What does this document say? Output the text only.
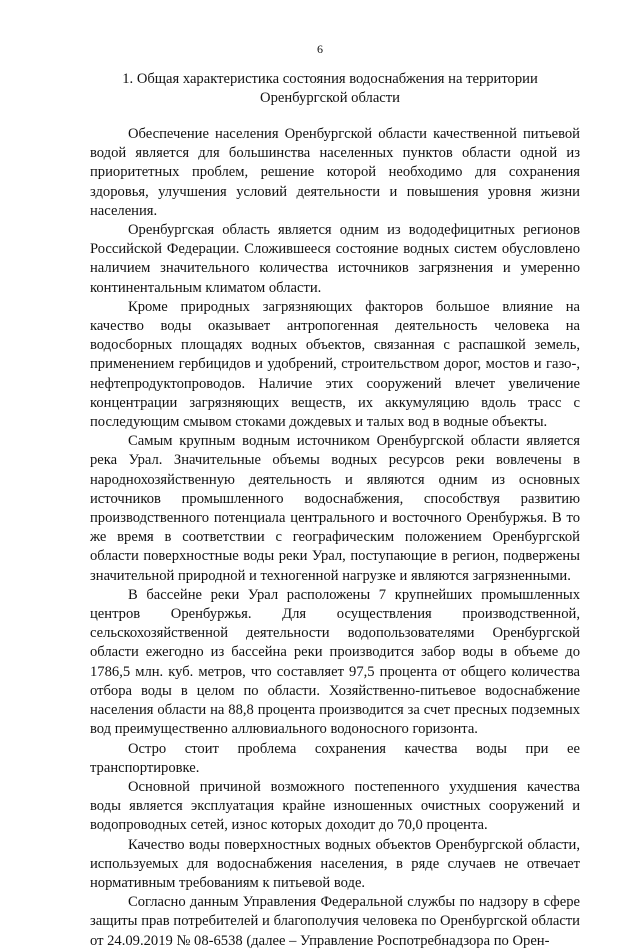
6
1. Общая характеристика состояния водоснабжения на территории
Оренбургской области

Обеспечение населения Оренбургской области качественной питьевой водой является для большинства населенных пунктов области одной из приоритетных проблем, решение которой необходимо для сохранения здоровья, улучшения условий деятельности и повышения уровня жизни населения.

Оренбургская область является одним из вододефицитных регионов Российской Федерации. Сложившееся состояние водных систем обусловлено наличием значительного количества источников загрязнения и умеренно континентальным климатом области.

Кроме природных загрязняющих факторов большое влияние на качество воды оказывает антропогенная деятельность человека на водосборных площадях водных объектов, связанная с распашкой земель, применением гербицидов и удобрений, строительством дорог, мостов и газо-, нефтепродуктопроводов. Наличие этих сооружений влечет увеличение концентрации загрязняющих веществ, их аккумуляцию вдоль трасс с последующим смывом стоками дождевых и талых вод в водные объекты.

Самым крупным водным источником Оренбургской области является река Урал. Значительные объемы водных ресурсов реки вовлечены в народнохозяйственную деятельность и являются одним из основных источников промышленного водоснабжения, способствуя развитию производственного потенциала центрального и восточного Оренбуржья. В то же время в соответствии с географическим положением Оренбургской области поверхностные воды реки Урал, поступающие в регион, подвержены значительной природной и техногенной нагрузке и являются загрязненными.

В бассейне реки Урал расположены 7 крупнейших промышленных центров Оренбуржья. Для осуществления производственной, сельскохозяйственной деятельности водопользователями Оренбургской области ежегодно из бассейна реки производится забор воды в объеме до 1786,5 млн. куб. метров, что составляет 97,5 процента от общего количества отбора воды в целом по области. Хозяйственно-питьевое водоснабжение населения области на 88,8 процента производится за счет пресных подземных вод преимущественно аллювиального водоносного горизонта.

Остро стоит проблема сохранения качества воды при ее транспортировке.

Основной причиной возможного постепенного ухудшения качества воды является эксплуатация крайне изношенных очистных сооружений и водопроводных сетей, износ которых доходит до 70,0 процента.

Качество воды поверхностных водных объектов Оренбургской области, используемых для водоснабжения населения, в ряде случаев не отвечает нормативным требованиям к питьевой воде.

Согласно данным Управления Федеральной службы по надзору в сфере защиты прав потребителей и благополучия человека по Оренбургской области от 24.09.2019 № 08-6538 (далее – Управление Роспотребнадзора по Орен-
